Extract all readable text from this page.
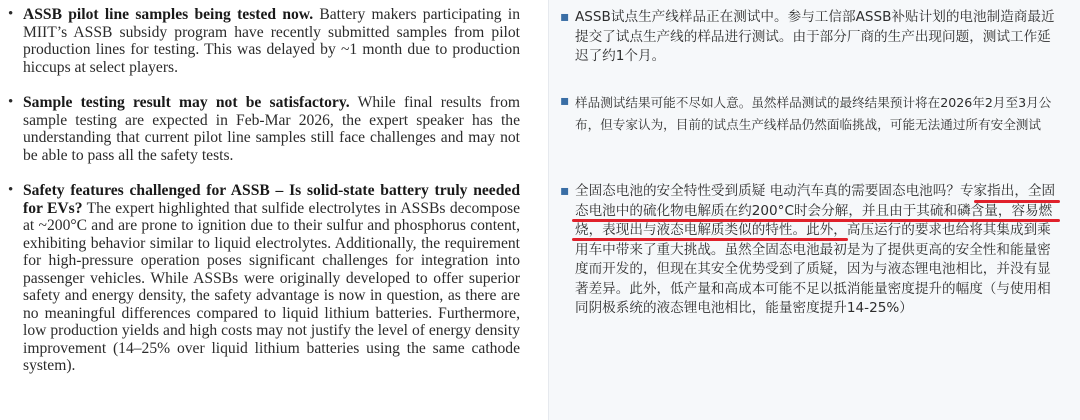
• ASSB pilot line samples being tested now. Battery makers participating in MIIT’s ASSB subsidy program have recently submitted samples from pilot production lines for testing. This was delayed by ~1 month due to production hiccups at select players.
• Sample testing result may not be satisfactory. While final results from sample testing are expected in Feb-Mar 2026, the expert speaker has the understanding that current pilot line samples still face challenges and may not be able to pass all the safety tests.
• Safety features challenged for ASSB – Is solid-state battery truly needed for EVs? The expert highlighted that sulfide electrolytes in ASSBs decompose at ~200°C and are prone to ignition due to their sulfur and phosphorus content, exhibiting behavior similar to liquid electrolytes. Additionally, the requirement for high-pressure operation poses significant challenges for integration into passenger vehicles. While ASSBs were originally developed to offer superior safety and energy density, the safety advantage is now in question, as there are no meaningful differences compared to liquid lithium batteries. Furthermore, low production yields and high costs may not justify the level of energy density improvement (14–25% over liquid lithium batteries using the same cathode system).
▪ ASSB试点生产线样品正在测试中。参与工信部ASSB补贴计划的电池制造商最近提交了试点生产线的样品进行测试。由于部分厂商的生产出现问题，测试工作延迟了约1个月。
▪ 样品测试结果可能不尽如人意。虽然样品测试的最终结果预计将在2026年2月至3月公布，但专家认为，目前的试点生产线样品仍然面临挑战，可能无法通过所有安全测试
▪ 全固态电池的安全特性受到质疑 电动汽车真的需要固态电池吗？专家指出，全固态电池中的硫化物电解质在约200°C时会分解，并且由于其硫和磷含量，容易燃烧，表现出与液态电解质类似的特性。此外，高压运行的要求也给将其集成到乘用车中带来了重大挑战。虽然全固态电池最初是为了提供更高的安全性和能量密度而开发的，但现在其安全优势受到了质疑，因为与液态锂电池相比，并没有显著差异。此外，低产量和高成本可能不足以抵消能量密度提升的幅度（与使用相同阴极系统的液态锂电池相比，能量密度提升14-25%）
